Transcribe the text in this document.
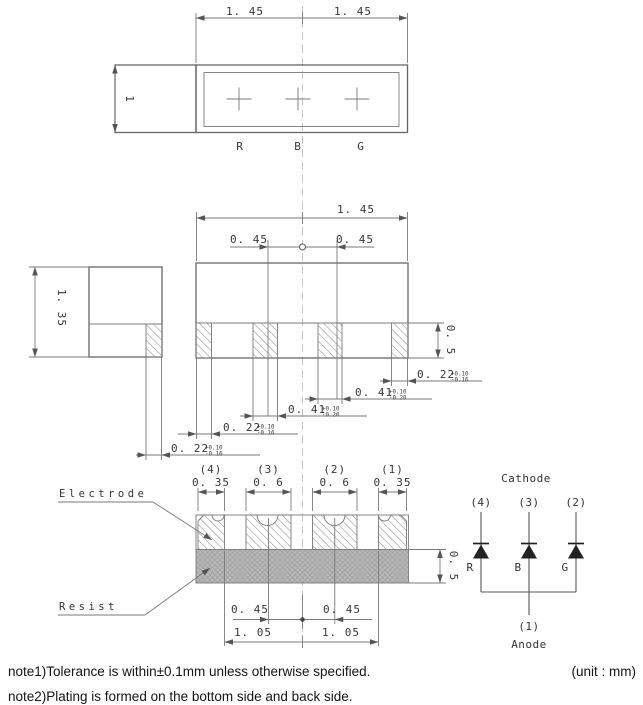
1. 45	1. 45
1
R	B	G
1. 35
1. 45
0. 45	0. 45
0. 5
0. 22
+0.10
-0.16
0. 22
+0.10
-0.16
0. 41
+0.10
-0.20
0. 41
+0.10
-0.20
0. 22
+0.10
-0.16
(4)
0. 35
(3)
0. 6
(2)
0. 6
(1)
0. 35
0. 5
0. 45	0. 45
1. 05	1. 05
Electrode
Resist
Cathode
(4) (3) (2)
R	B	G
(1)
Anode
note1)Tolerance is within±0.1mm unless otherwise specified.	(unit : mm)
note2)Plating is formed on the bottom side and back side.
